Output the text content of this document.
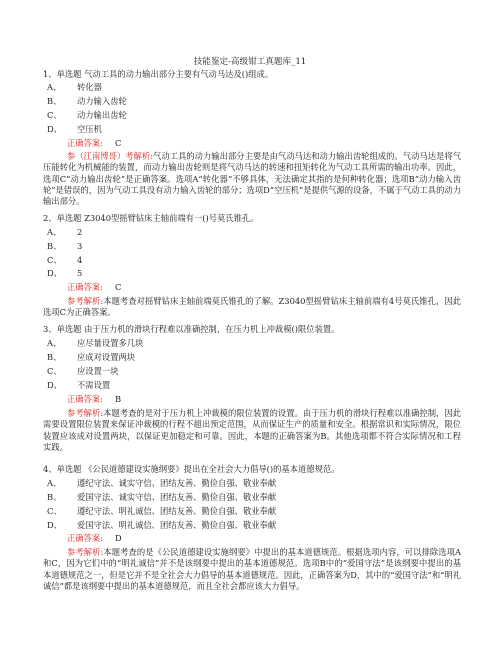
技能鉴定-高级钳工真题库_11
1、单选题 气动工具的动力输出部分主要有气动马达及()组成。
A、 转化器
B、 动力输入齿轮
C、 动力输出齿轮
D、 空压机
正确答案: C
参（江南博哥）考解析:气动工具的动力输出部分主要是由气动马达和动力输出齿轮组成的。气动马达是将气压能转化为机械能的装置，而动力输出齿轮则是将气动马达的转速和扭矩转化为气动工具所需的输出功率。因此，选项C“动力输出齿轮”是正确答案。选项A“转化器”不够具体，无法确定其指的是何种转化器；选项B“动力输入齿轮”是错误的，因为气动工具没有动力输入齿轮的部分；选项D“空压机”是提供气源的设备，不属于气动工具的动力输出部分。
2、单选题 Z3040型摇臂钻床主轴前端有一()号莫氏锥孔。
A、 2
B、 3
C、 4
D、 5
正确答案: C
参考解析:本题考查对摇臂钻床主轴前端莫氏锥孔的了解。Z3040型摇臂钻床主轴前端有4号莫氏锥孔，因此选项C为正确答案。
3、单选题 由于压力机的滑块行程难以准确控制，在压力机上冲裁模()限位装置。
A、 应尽量设置多几块
B、 应成对设置两块
C、 应设置一块
D、 不需设置
正确答案: B
参考解析:本题考查的是对于压力机上冲裁模的限位装置的设置。由于压力机的滑块行程难以准确控制，因此需要设置限位装置来保证冲裁模的行程不超出预定范围，从而保证生产的质量和安全。根据常识和实际情况，限位装置应该成对设置两块，以保证更加稳定和可靠。因此，本题的正确答案为B。其他选项都不符合实际情况和工程实践。
4、单选题 《公民道德建设实施纲要》提出在全社会大力倡导()的基本道德规范。
A、 遵纪守法、诚实守信、团结友善、勤俭自强、敬业奉献
B、 爱国守法、诚实守信、团结友善、勤俭自强、敬业奉献
C、 遵纪守法、明礼诚信、团结友善、勤俭自强、敬业奉献
D、 爱国守法、明礼诚信、团结友善、勤俭自强、敬业奉献
正确答案: D
参考解析:本题考查的是《公民道德建设实施纲要》中提出的基本道德规范。根据选项内容，可以排除选项A和C，因为它们中的“明礼诚信”并不是该纲要中提出的基本道德规范。选项B中的“爱国守法”是该纲要中提出的基本道德规范之一，但是它并不是全社会大力倡导的基本道德规范。因此，正确答案为D，其中的“爱国守法”和“明礼诚信”都是该纲要中提出的基本道德规范，而且全社会都应该大力倡导。
